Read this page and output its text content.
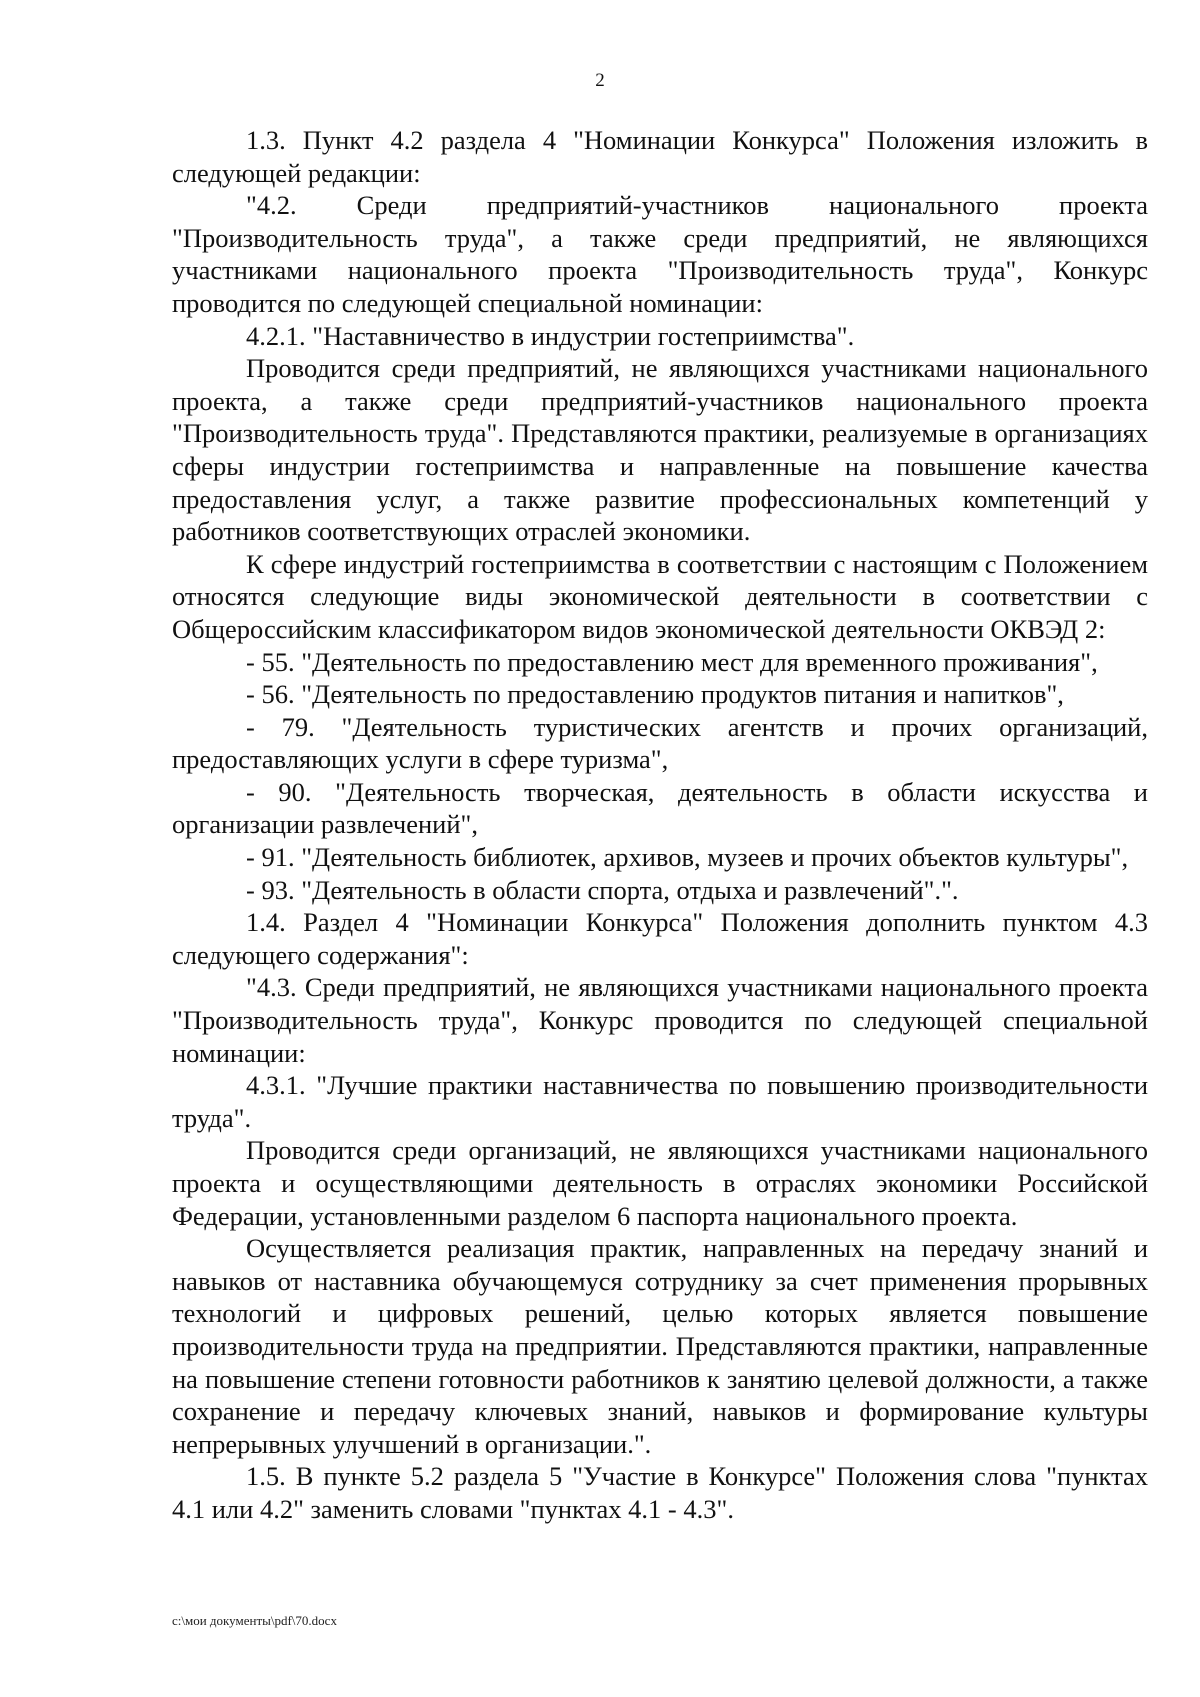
2

1.3. Пункт 4.2 раздела 4 "Номинации Конкурса" Положения изложить в следующей редакции:

"4.2. Среди предприятий-участников национального проекта "Производительность труда", а также среди предприятий, не являющихся участниками национального проекта "Производительность труда", Конкурс проводится по следующей специальной номинации:

4.2.1. "Наставничество в индустрии гостеприимства".

Проводится среди предприятий, не являющихся участниками национального проекта, а также среди предприятий-участников национального проекта "Производительность труда". Представляются практики, реализуемые в организациях сферы индустрии гостеприимства и направленные на повышение качества предоставления услуг, а также развитие профессиональных компетенций у работников соответствующих отраслей экономики.

К сфере индустрий гостеприимства в соответствии с настоящим с Положением относятся следующие виды экономической деятельности в соответствии с Общероссийским классификатором видов экономической деятельности ОКВЭД 2:

- 55. "Деятельность по предоставлению мест для временного проживания",

- 56. "Деятельность по предоставлению продуктов питания и напитков",

- 79. "Деятельность туристических агентств и прочих организаций, предоставляющих услуги в сфере туризма",

- 90. "Деятельность творческая, деятельность в области искусства и организации развлечений",

- 91. "Деятельность библиотек, архивов, музеев и прочих объектов культуры",

- 93. "Деятельность в области спорта, отдыха и развлечений".".

1.4. Раздел 4 "Номинации Конкурса" Положения дополнить пунктом 4.3 следующего содержания":

"4.3. Среди предприятий, не являющихся участниками национального проекта "Производительность труда", Конкурс проводится по следующей специальной номинации:

4.3.1. "Лучшие практики наставничества по повышению производительности труда".

Проводится среди организаций, не являющихся участниками национального проекта и осуществляющими деятельность в отраслях экономики Российской Федерации, установленными разделом 6 паспорта национального проекта.

Осуществляется реализация практик, направленных на передачу знаний и навыков от наставника обучающемуся сотруднику за счет применения прорывных технологий и цифровых решений, целью которых является повышение производительности труда на предприятии. Представляются практики, направленные на повышение степени готовности работников к занятию целевой должности, а также сохранение и передачу ключевых знаний, навыков и формирование культуры непрерывных улучшений в организации.".

1.5. В пункте 5.2 раздела 5 "Участие в Конкурсе" Положения слова "пунктах 4.1 или 4.2" заменить словами "пунктах 4.1 - 4.3".

c:\мои документы\pdf\70.docx
